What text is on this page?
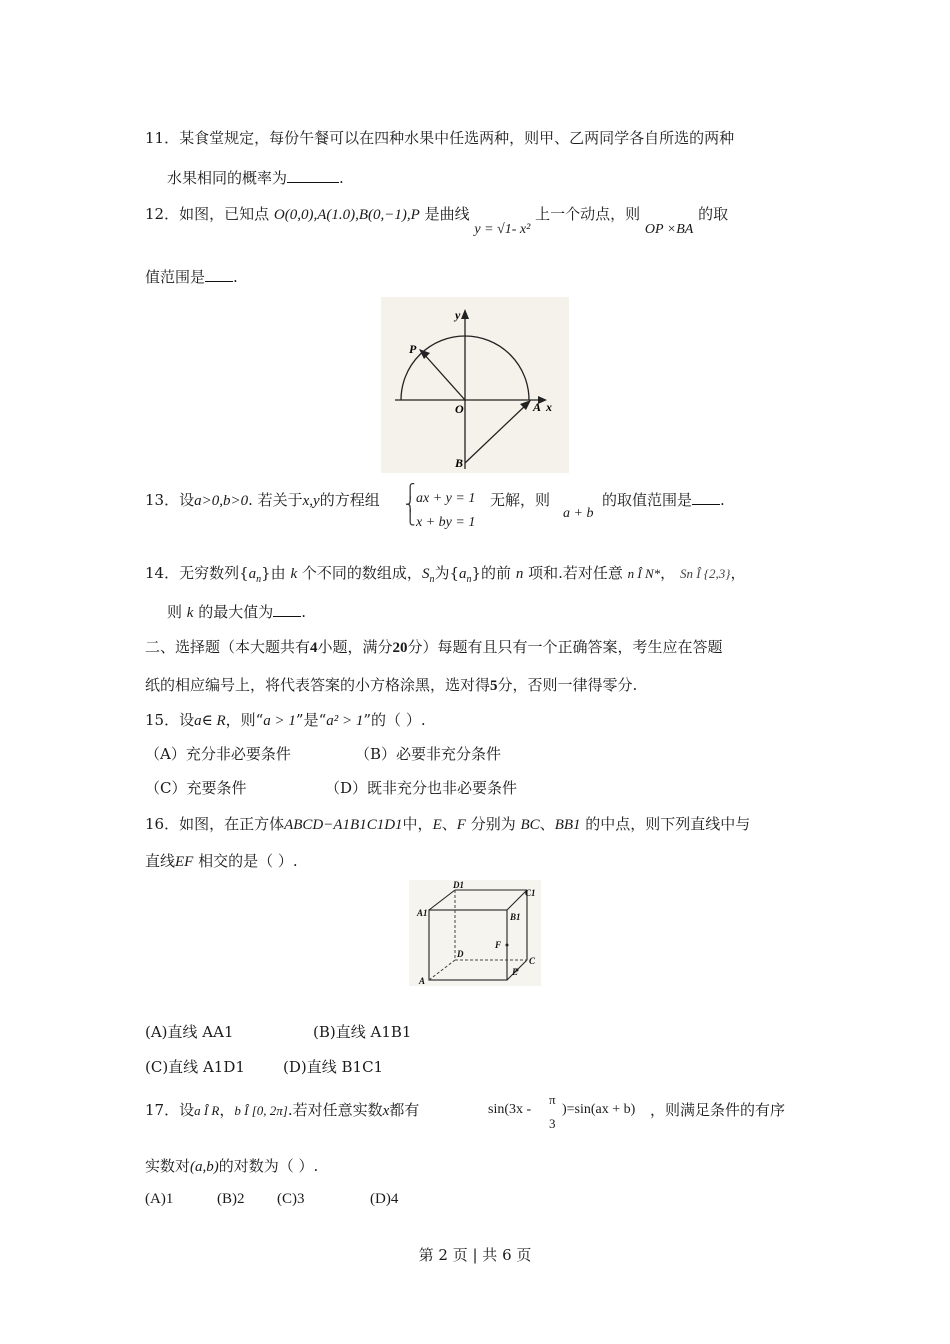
11．某食堂规定，每份午餐可以在四种水果中任选两种，则甲、乙两同学各自所选的两种
水果相同的概率为	.
12．如图，已知点 O(0,0),A(1.0),B(0,−1),P 是曲线 y = √1- x² 上一个动点，则 OP ×BA 的取
值范围是 .
y
P
O	A x
B
13．设a>0,b>0. 若关于x,y的方程组 ⎧
⎨
⎩
ax + y = 1
x + by = 1
无解，则
a + b
的取值范围是 .
14．无穷数列$\{a_n\}$由 k 个不同的数组成，$S_n$为$\{a_n\}$的前 n 项和.若对任意 n Î N*， Sn Î {2,3}，
则 k 的最大值为 .
二、选择题（本大题共有4小题，满分20分）每题有且只有一个正确答案，考生应在答题
纸的相应编号上，将代表答案的小方格涂黑，选对得5分，否则一律得零分.
15．设a∈ R，则“a > 1”是“a² > 1”的（ ）.
（A）充分非必要条件	（B）必要非充分条件
（C）充要条件	（D）既非充分也非必要条件
16．如图，在正方体ABCD−A1B1C1D1中，E、F 分别为 BC、BB1 的中点，则下列直线中与
直线EF 相交的是（ ）.
D1
C1
A1	B1
D
F
C
E
A
(A)直线 AA1	(B)直线 A1B1
(C)直线 A1D1	(D)直线 B1C1
17．设a Î R，b Î [0, 2π].若对任意实数x都有	sin(3x -
π
3
)=sin(ax + b) ，则满足条件的有序
实数对(a,b)的对数为（ ）.
(A)1	(B)2 (C)3	(D)4
第 2 页 | 共 6 页
